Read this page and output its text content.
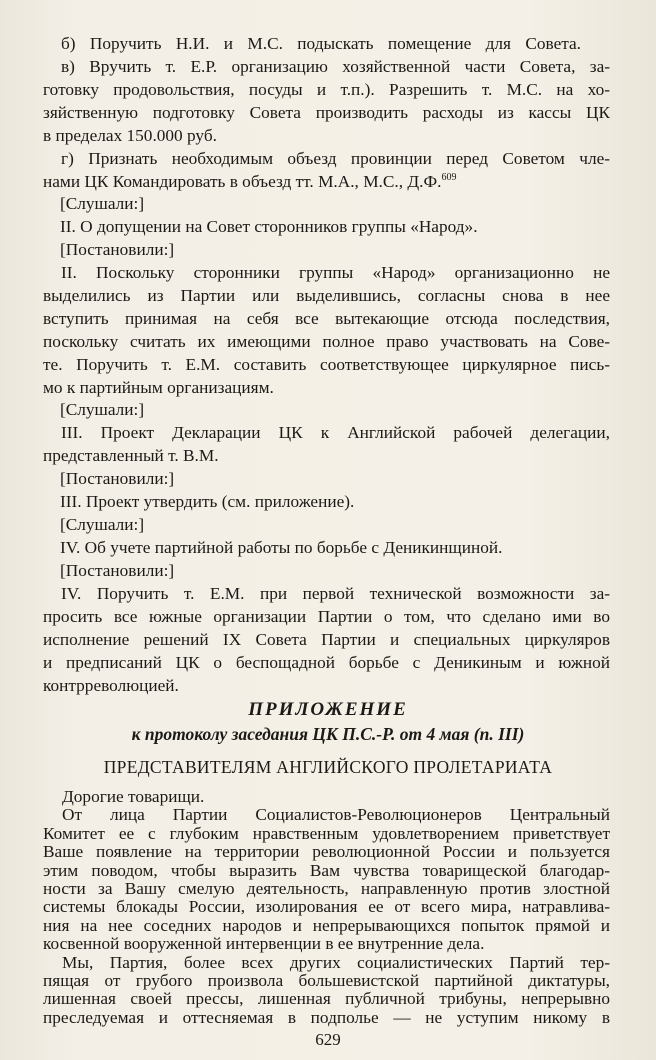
б) Поручить Н.И. и М.С. подыскать помещение для Совета.
в) Вручить т. Е.Р. организацию хозяйственной части Совета, за-
готовку продовольствия, посуды и т.п.). Разрешить т. М.С. на хо-
зяйственную подготовку Совета производить расходы из кассы ЦК
в пределах 150.000 руб.
г) Признать необходимым объезд провинции перед Советом чле-
нами ЦК Командировать в объезд тт. М.А., М.С., Д.Ф.$^{609}$
[Слушали:]
II. О допущении на Совет сторонников группы «Народ».
[Постановили:]
II. Поскольку сторонники группы «Народ» организационно не
выделились из Партии или выделившись, согласны снова в нее
вступить принимая на себя все вытекающие отсюда последствия,
поскольку считать их имеющими полное право участвовать на Сове-
те. Поручить т. Е.М. составить соответствующее циркулярное пись-
мо к партийным организациям.
[Слушали:]
III. Проект Декларации ЦК к Английской рабочей делегации,
представленный т. В.М.
[Постановили:]
III. Проект утвердить (см. приложение).
[Слушали:]
IV. Об учете партийной работы по борьбе с Деникинщиной.
[Постановили:]
IV. Поручить т. Е.М. при первой технической возможности за-
просить все южные организации Партии о том, что сделано ими во
исполнение решений IX Совета Партии и специальных циркуляров
и предписаний ЦК о беспощадной борьбе с Деникиным и южной
контрреволюцией.
ПРИЛОЖЕНИЕ
к протоколу заседания ЦК П.С.-Р. от 4 мая (п. III)
ПРЕДСТАВИТЕЛЯМ АНГЛИЙСКОГО ПРОЛЕТАРИАТА
Дорогие товарищи.
От лица Партии Социалистов-Революционеров Центральный
Комитет ее с глубоким нравственным удовлетворением приветствует
Ваше появление на территории революционной России и пользуется
этим поводом, чтобы выразить Вам чувства товарищеской благодар-
ности за Вашу смелую деятельность, направленную против злостной
системы блокады России, изолирования ее от всего мира, натравлива-
ния на нее соседних народов и непрерывающихся попыток прямой и
косвенной вооруженной интервенции в ее внутренние дела.
Мы, Партия, более всех других социалистических Партий тер-
пящая от грубого произвола большевистской партийной диктатуры,
лишенная своей прессы, лишенная публичной трибуны, непрерывно
преследуемая и оттесняемая в подполье — не уступим никому в
629
